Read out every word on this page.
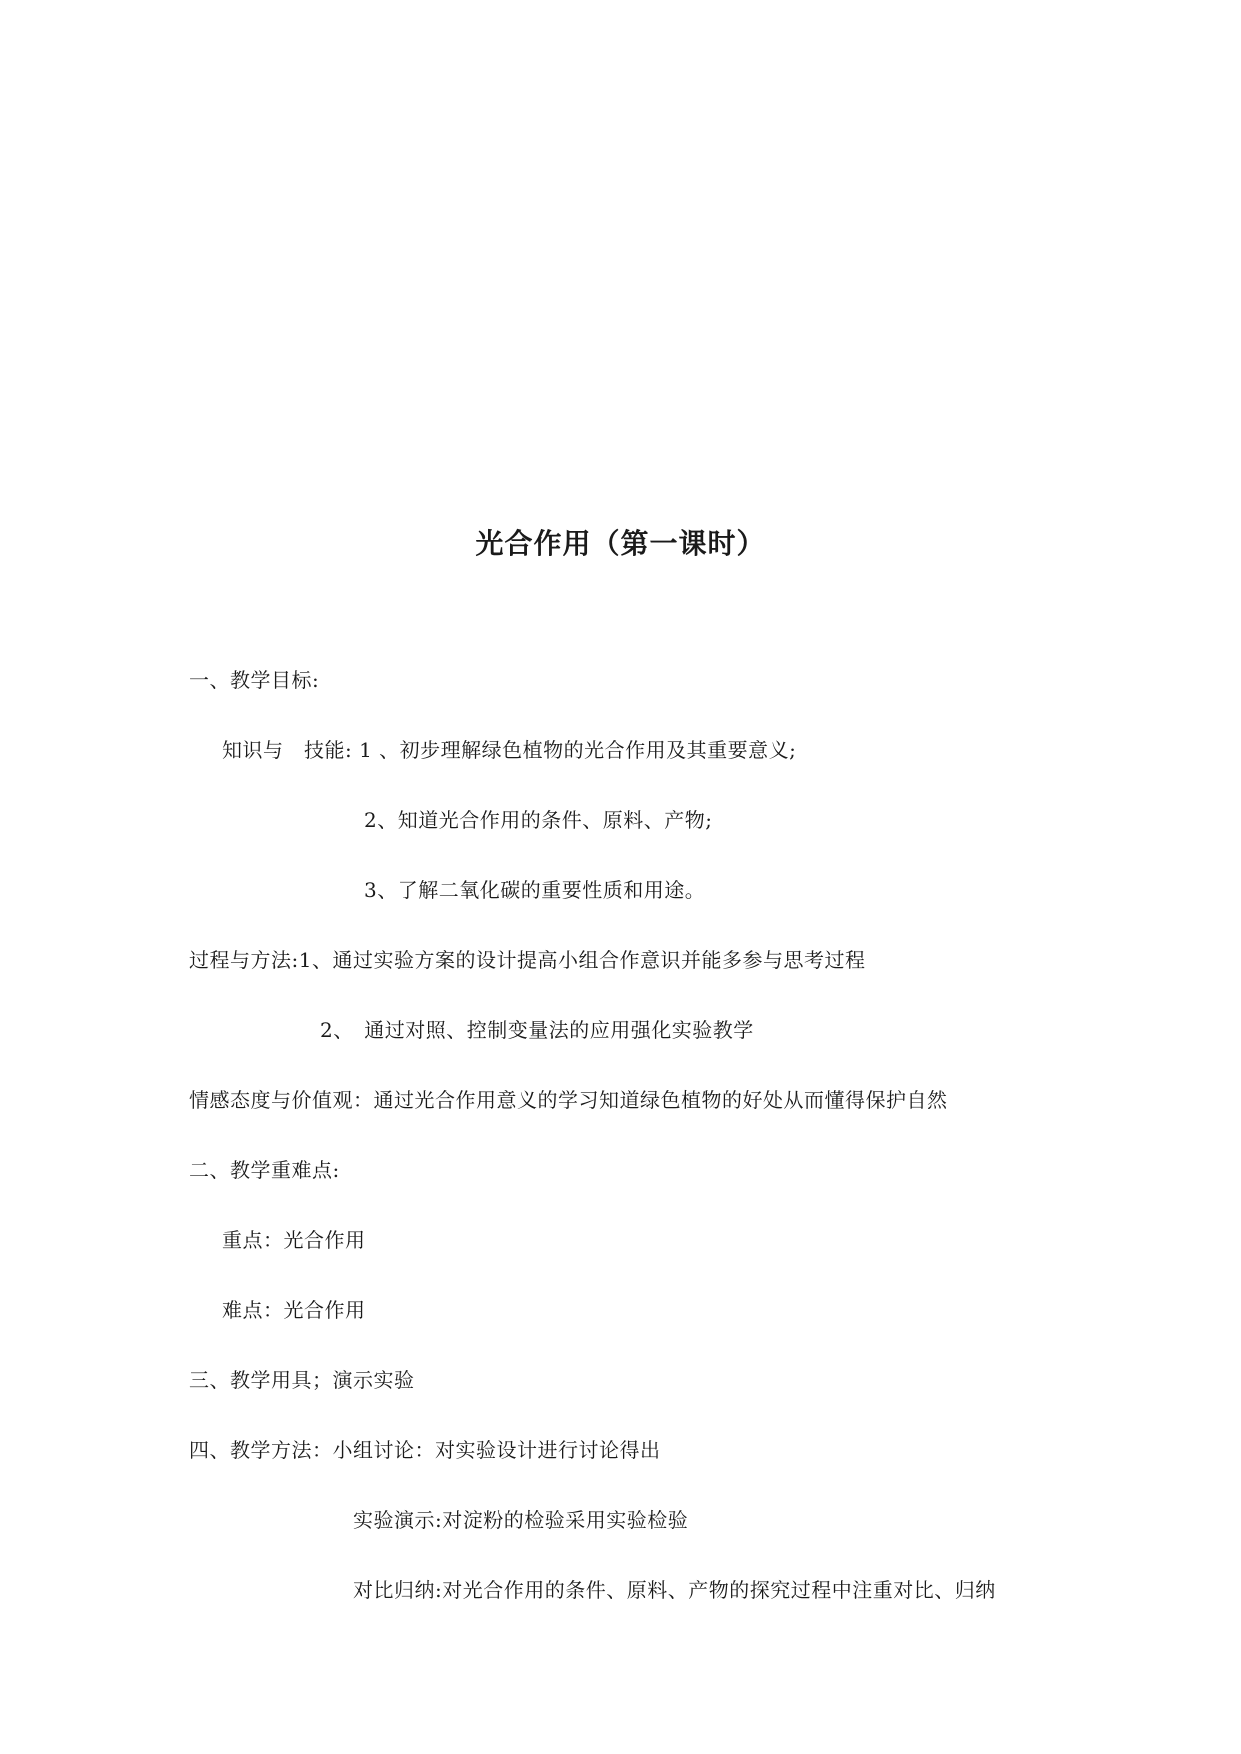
光合作用（第一课时）
一、教学目标:
知识与　技能: 1 、初步理解绿色植物的光合作用及其重要意义;
2、知道光合作用的条件、原料、产物;
3、了解二氧化碳的重要性质和用途。
过程与方法:1、通过实验方案的设计提高小组合作意识并能多参与思考过程
2、　通过对照、控制变量法的应用强化实验教学
情感态度与价值观：通过光合作用意义的学习知道绿色植物的好处从而懂得保护自然
二、教学重难点:
重点：光合作用
难点：光合作用
三、教学用具；演示实验
四、教学方法：小组讨论：对实验设计进行讨论得出
实验演示:对淀粉的检验采用实验检验
对比归纳:对光合作用的条件、原料、产物的探究过程中注重对比、归纳
